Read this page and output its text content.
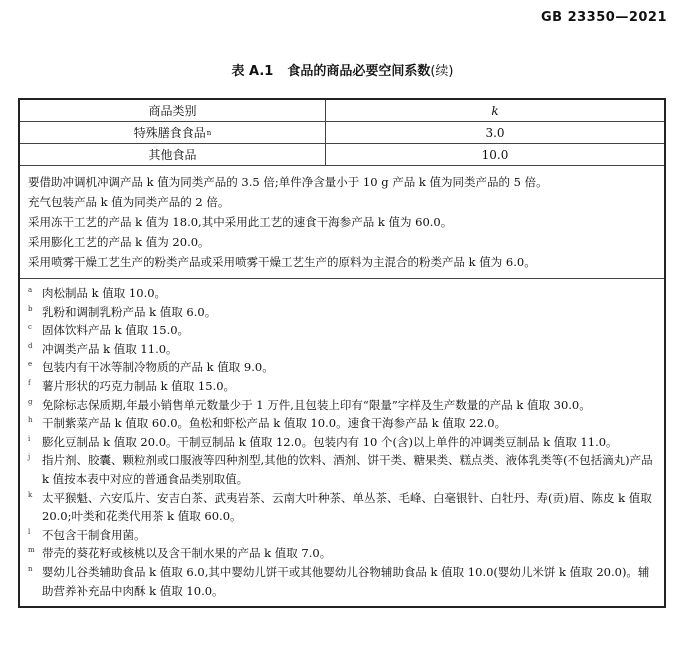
GB 23350—2021
表 A.1 食品的商品必要空间系数(续)
商品类别	k
特殊膳食食品 n	3.0
其他食品	10.0
要借助冲调机冲调产品 k 值为同类产品的 3.5 倍;单件净含量小于 10 g 产品 k 值为同类产品的 5 倍。
充气包装产品 k 值为同类产品的 2 倍。
采用冻干工艺的产品 k 值为 18.0,其中采用此工艺的速食干海参产品 k 值为 60.0。
采用膨化工艺的产品 k 值为 20.0。
采用喷雾干燥工艺生产的粉类产品或采用喷雾干燥工艺生产的原料为主混合的粉类产品 k 值为 6.0。
a 肉松制品 k 值取 10.0。
b 乳粉和调制乳粉产品 k 值取 6.0。
c 固体饮料产品 k 值取 15.0。
d 冲调类产品 k 值取 11.0。
e 包装内有干冰等制冷物质的产品 k 值取 9.0。
f 薯片形状的巧克力制品 k 值取 15.0。
g 免除标志保质期,年最小销售单元数量少于 1 万件,且包装上印有“限量”字样及生产数量的产品 k 值取 30.0。
h 干制紫菜产品 k 值取 60.0。鱼松和虾松产品 k 值取 10.0。速食干海参产品 k 值取 22.0。
i	膨化豆制品 k 值取 20.0。干制豆制品 k 值取 12.0。包装内有 10 个(含)以上单件的冲调类豆制品 k 值取 11.0。
j	指片剂、胶囊、颗粒剂或口服液等四种剂型,其他的饮料、酒剂、饼干类、糖果类、糕点类、液体乳类等(不包括滴丸)产品 k 值按本表中对应的普通食品类别取值。
k 太平猴魁、六安瓜片、安吉白茶、武夷岩茶、云南大叶种茶、单丛茶、毛峰、白毫银针、白牡丹、寿(贡)眉、陈皮 k 值取 20.0;叶类和花类代用茶 k 值取 60.0。
l	不包含干制食用菌。
m 带壳的葵花籽或核桃以及含干制水果的产品 k 值取 7.0。
n 婴幼儿谷类辅助食品 k 值取 6.0,其中婴幼儿饼干或其他婴幼儿谷物辅助食品 k 值取 10.0(婴幼儿米饼 k 值取 20.0)。辅助营养补充品中肉酥 k 值取 10.0。
